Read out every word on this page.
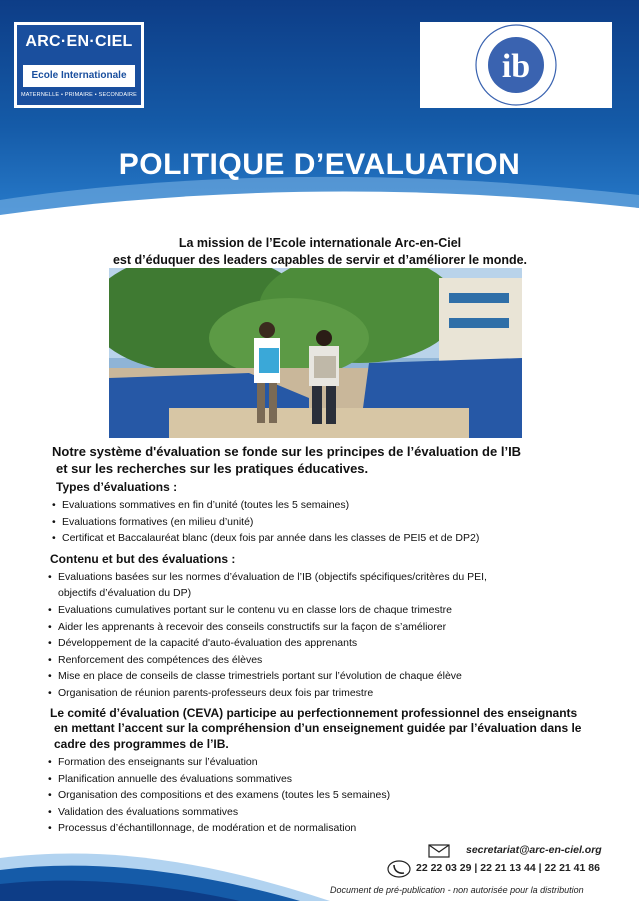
ARC·EN·CIEL
Ecole Internationale
MATERNELLE • PRIMAIRE • SECONDAIRE
ib
POLITIQUE D’EVALUATION
La mission de l’Ecole internationale Arc-en-Ciel
est d’éduquer des leaders capables de servir et d’améliorer le monde.
Notre système d'évaluation se fonde sur les principes de l’évaluation de l’IB
et sur les recherches sur les pratiques éducatives.
Types d’évaluations :
• Evaluations sommatives en fin d’unité (toutes les 5 semaines)
• Evaluations formatives (en milieu d’unité)
• Certificat et Baccalauréat blanc (deux fois par année dans les classes de PEI5 et de DP2)
Contenu et but des évaluations :
• Evaluations basées sur les normes d’évaluation de l’IB (objectifs spécifiques/critères du PEI,
objectifs d’évaluation du DP)
• Evaluations cumulatives portant sur le contenu vu en classe lors de chaque trimestre
• Aider les apprenants à recevoir des conseils constructifs sur la façon de s’améliorer
• Développement de la capacité d'auto-évaluation des apprenants
• Renforcement des compétences des élèves
• Mise en place de conseils de classe trimestriels portant sur l’évolution de chaque élève
• Organisation de réunion parents-professeurs deux fois par trimestre
Le comité d’évaluation (CEVA) participe au perfectionnement professionnel des enseignants
en mettant l’accent sur la compréhension d’un enseignement guidée par l’évaluation dans le
cadre des programmes de l’IB.
• Formation des enseignants sur l’évaluation
• Planification annuelle des évaluations sommatives
• Organisation des compositions et des examens (toutes les 5 semaines)
• Validation des évaluations sommatives
• Processus d’échantillonnage, de modération et de normalisation
secretariat@arc-en-ciel.org
22 22 03 29 | 22 21 13 44 | 22 21 41 86
Document de pré-publication - non autorisée pour la distribution
